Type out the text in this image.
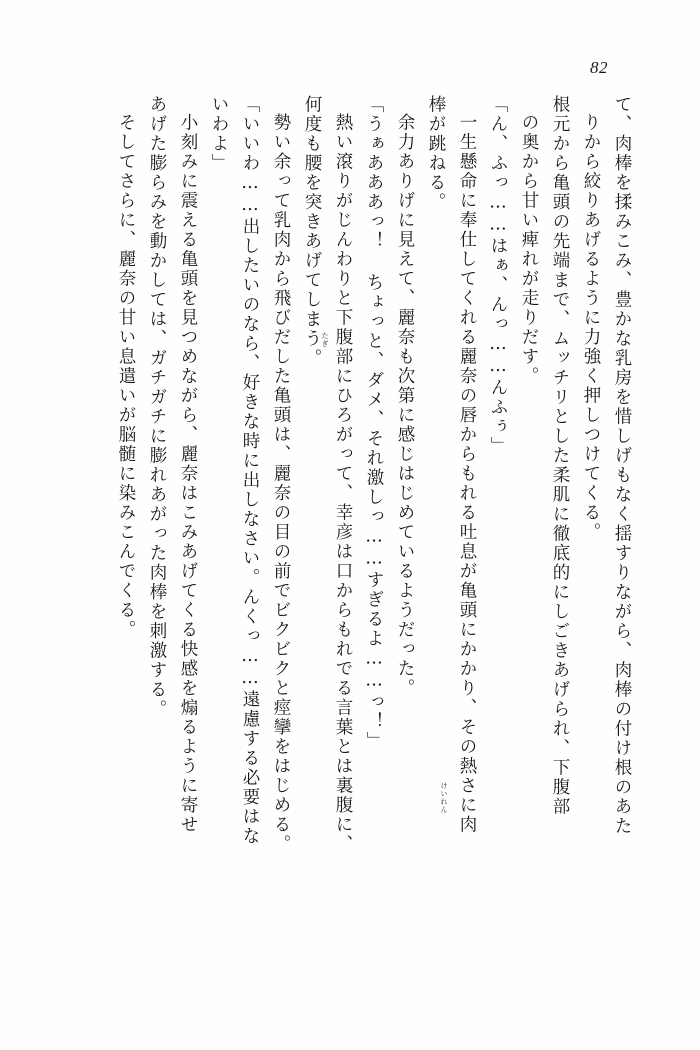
82
て、肉棒を揉みこみ、豊かな乳房を惜しげもなく揺すりながら、肉棒の付け根のあた
りから絞りあげるように力強く押しつけてくる。
根元から亀頭の先端まで、ムッチリとした柔肌に徹底的にしごきあげられ、下腹部
の奥から甘い痺れが走りだす。
「ん、ふっ……はぁ、んっ……んふぅ」
一生懸命に奉仕してくれる麗奈の唇からもれる吐息が亀頭にかかり、その熱さに肉
棒が跳ねる。
余力ありげに見えて、麗奈も次第に感じはじめているようだった。
「うぁあああっ！ ちょっと、ダメ、それ激しっ……すぎるよ……っ！」
熱い滾りがじんわりと下腹部にひろがって、幸彦は口からもれでる言葉とは裏腹に、
何度も腰を突きあげてしまう。
勢い余って乳肉から飛びだした亀頭は、麗奈の目の前でビクビクと痙攣をはじめる。
「いいわ……出したいのなら、好きな時に出しなさい。んくっ……遠慮する必要はな
いわよ」
小刻みに震える亀頭を見つめながら、麗奈はこみあげてくる快感を煽るように寄せ
あげた膨らみを動かしては、ガチガチに膨れあがった肉棒を刺激する。
そしてさらに、麗奈の甘い息遣いが脳髄に染みこんでくる。	たぎ
けいれん
